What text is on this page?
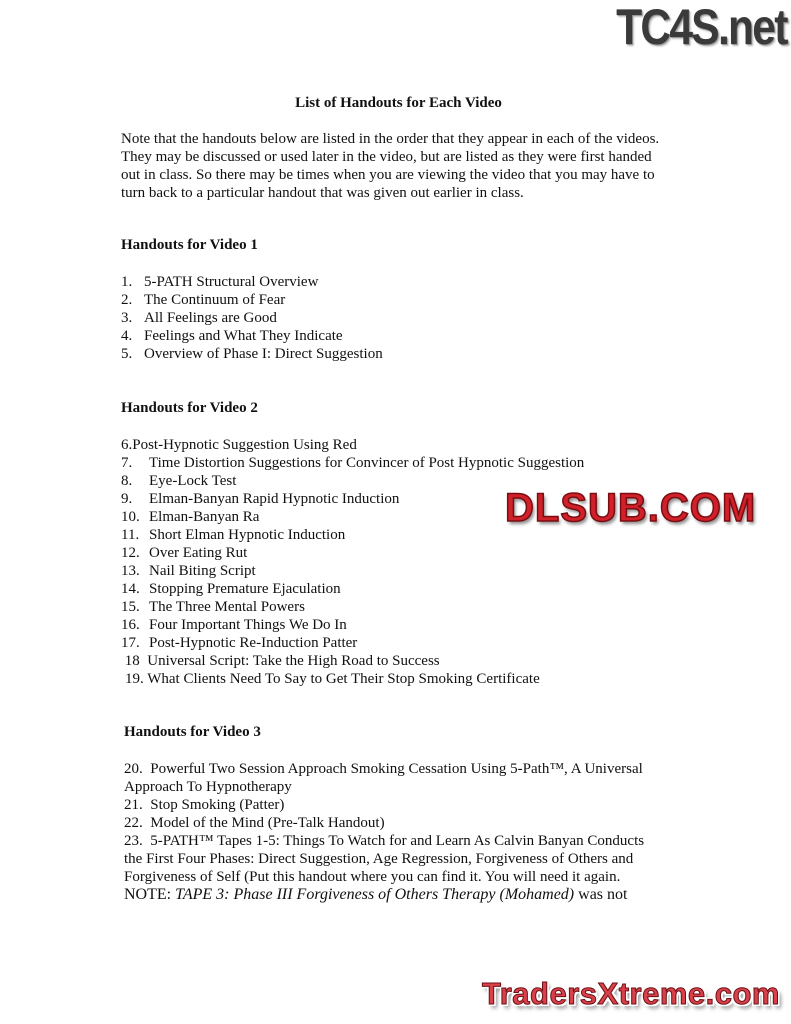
List of Handouts for Each Video
Note that the handouts below are listed in the order that they appear in each of the videos.
They may be discussed or used later in the video, but are listed as they were first handed
out in class. So there may be times when you are viewing the video that you may have to
turn back to a particular handout that was given out earlier in class.
Handouts for Video 1
1. 5-PATH Structural Overview
2. The Continuum of Fear
3. All Feelings are Good
4. Feelings and What They Indicate
5. Overview of Phase I: Direct Suggestion
Handouts for Video 2
6.Post-Hypnotic Suggestion Using Red
7. Time Distortion Suggestions for Convincer of Post Hypnotic Suggestion
8. Eye-Lock Test
9. Elman-Banyan Rapid Hypnotic Induction
10. Elman-Banyan Ra
11. Short Elman Hypnotic Induction
12. Over Eating Rut
13. Nail Biting Script
14. Stopping Premature Ejaculation
15. The Three Mental Powers
16. Four Important Things We Do In
17. Post-Hypnotic Re-Induction Patter
18  Universal Script: Take the High Road to Success
19. What Clients Need To Say to Get Their Stop Smoking Certificate
Handouts for Video 3
20.  Powerful Two Session Approach Smoking Cessation Using 5-Path™, A Universal
Approach To Hypnotherapy
21.  Stop Smoking (Patter)
22.  Model of the Mind (Pre-Talk Handout)
23.  5-PATH™ Tapes 1-5: Things To Watch for and Learn As Calvin Banyan Conducts
the First Four Phases: Direct Suggestion, Age Regression, Forgiveness of Others and
Forgiveness of Self (Put this handout where you can find it. You will need it again.
NOTE: TAPE 3: Phase III Forgiveness of Others Therapy (Mohamed) was not
TC4S.net
DLSUB.COM
TradersXtreme.com
